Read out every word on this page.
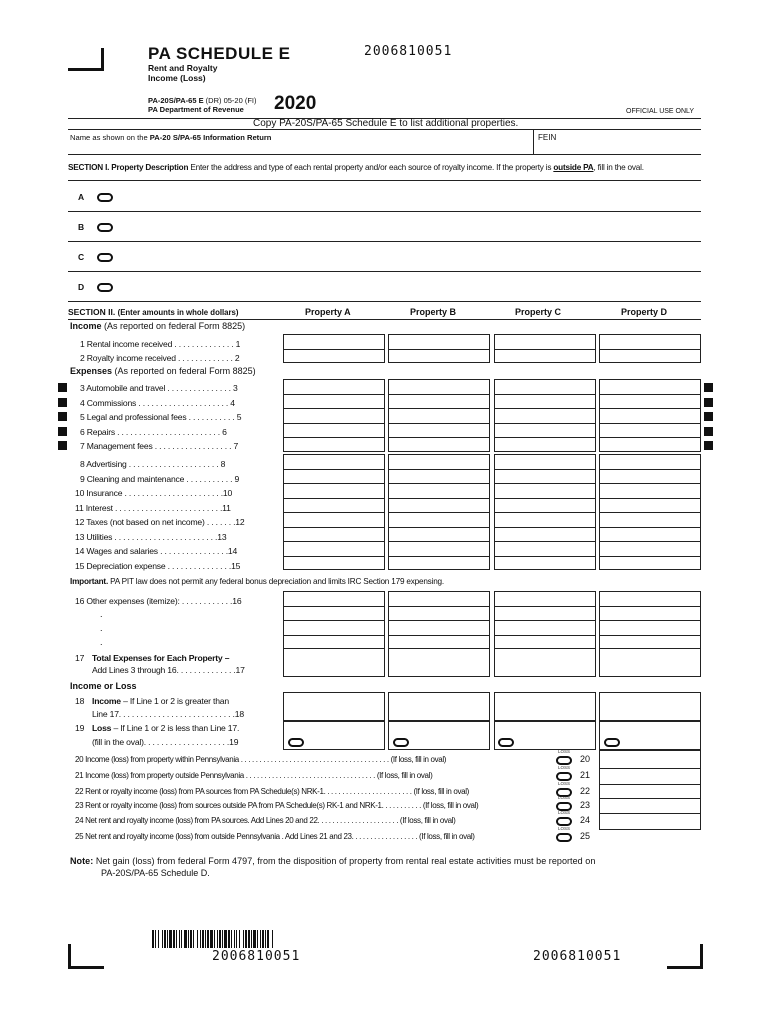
PA SCHEDULE E
Rent and Royalty
Income (Loss)
2006810051
PA-20S/PA-65 E (DR) 05-20 (FI)
PA Department of Revenue 2020	OFFICIAL USE ONLY
Copy PA-20S/PA-65 Schedule E to list additional properties.
Name as shown on the PA-20 S/PA-65 Information Return	FEIN
SECTION I. Property Description Enter the address and type of each rental property and/or each source of royalty income. If the property is outside PA, fill in the oval.
A
B
C
D
SECTION II. (Enter amounts in whole dollars)	Property A	Property B	Property C	Property D
Income (As reported on federal Form 8825)
1 Rental income received . . . . . . . . . . . . . . 1
2 Royalty income received . . . . . . . . . . . . . 2
Expenses (As reported on federal Form 8825)
3 Automobile and travel . . . . . . . . . . . . . . . 3
4 Commissions . . . . . . . . . . . . . . . . . . . . . 4
5 Legal and professional fees . . . . . . . . . . . 5
6 Repairs . . . . . . . . . . . . . . . . . . . . . . . . 6
7 Management fees . . . . . . . . . . . . . . . . . . 7
8 Advertising . . . . . . . . . . . . . . . . . . . . . 8
9 Cleaning and maintenance . . . . . . . . . . . 9
10 Insurance . . . . . . . . . . . . . . . . . . . . . . .10
11 Interest . . . . . . . . . . . . . . . . . . . . . . . . .11
12 Taxes (not based on net income) . . . . . . .12
13 Utilities . . . . . . . . . . . . . . . . . . . . . . . .13
14 Wages and salaries . . . . . . . . . . . . . . . .14
15 Depreciation expense . . . . . . . . . . . . . . .15
Important. PA PIT law does not permit any federal bonus depreciation and limits IRC Section 179 expensing.
16 Other expenses (itemize): . . . . . . . . . . . .16
.
.
.
17 Total Expenses for Each Property –
Add Lines 3 through 16. . . . . . . . . . . . . .17
Income or Loss
18 Income – If Line 1 or 2 is greater than
Line 17. . . . . . . . . . . . . . . . . . . . . . . . . . .18
19 Loss – If Line 1 or 2 is less than Line 17.
(fill in the oval). . . . . . . . . . . . . . . . . . . .19
20 Income (loss) from property within Pennsylvania . . . . . . . . . . . . . . . . . . . . . . . . . . . . . . . . . . . . . . . . (If loss, fill in oval)
21 Income (loss) from property outside Pennsylvania . . . . . . . . . . . . . . . . . . . . . . . . . . . . . . . . . . . (If loss, fill in oval)
22 Rent or royalty income (loss) from PA sources from PA Schedule(s) NRK-1. . . . . . . . . . . . . . . . . . . . . . . . (If loss, fill in oval)
23 Rent or royalty income (loss) from sources outside PA from PA Schedule(s) RK-1 and NRK-1. . . . . . . . . . . (If loss, fill in oval)
24 Net rent and royalty income (loss) from PA sources. Add Lines 20 and 22. . . . . . . . . . . . . . . . . . . . . . (If loss, fill in oval)
25 Net rent and royalty income (loss) from outside Pennsylvania . Add Lines 21 and 23. . . . . . . . . . . . . . . . . . (If loss, fill in oval)
LOSS
20
LOSS
21
LOSS
22
LOSS
23
LOSS
24
LOSS
25
Note: Net gain (loss) from federal Form 4797, from the disposition of property from rental real estate activities must be reported on
PA-20S/PA-65 Schedule D.
2006810051	2006810051
